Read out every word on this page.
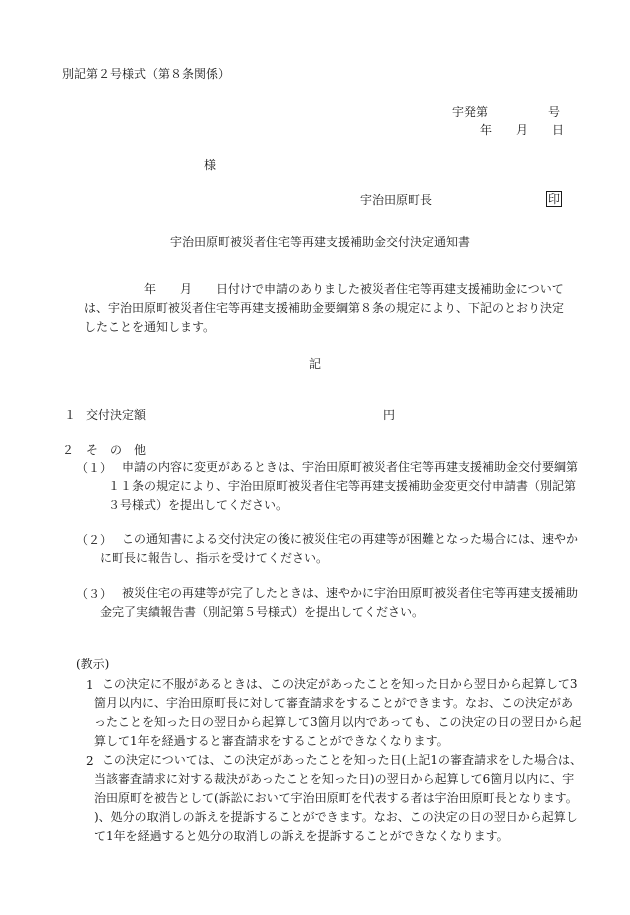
別記第２号様式（第８条関係）
宇発第　　　　　号
年　　月　　日
様
宇治田原町長	印
宇治田原町被災者住宅等再建支援補助金交付決定通知書
年　　月　　日付けで申請のありました被災者住宅等再建支援補助金について
は、宇治田原町被災者住宅等再建支援補助金要綱第８条の規定により、下記のとおり決定
したことを通知します。
記
１ 交付決定額	円
２　そ　の　他
（１） 申請の内容に変更があるときは、宇治田原町被災者住宅等再建支援補助金交付要綱第
１１条の規定により、宇治田原町被災者住宅等再建支援補助金変更交付申請書（別記第
３号様式）を提出してください。
（２） この通知書による交付決定の後に被災住宅の再建等が困難となった場合には、速やか
に町長に報告し、指示を受けてください。
（３） 被災住宅の再建等が完了したときは、速やかに宇治田原町被災者住宅等再建支援補助
金完了実績報告書（別記第５号様式）を提出してください。
(教示)
1 この決定に不服があるときは、この決定があったことを知った日から翌日から起算して3
箇月以内に、宇治田原町長に対して審査請求をすることができます。なお、この決定があ
ったことを知った日の翌日から起算して3箇月以内であっても、この決定の日の翌日から起
算して1年を経過すると審査請求をすることができなくなります。
2 この決定については、この決定があったことを知った日(上記1の審査請求をした場合は、
当該審査請求に対する裁決があったことを知った日)の翌日から起算して6箇月以内に、宇
治田原町を被告として(訴訟において宇治田原町を代表する者は宇治田原町長となります。
)、処分の取消しの訴えを提訴することができます。なお、この決定の日の翌日から起算し
て1年を経過すると処分の取消しの訴えを提訴することができなくなります。
